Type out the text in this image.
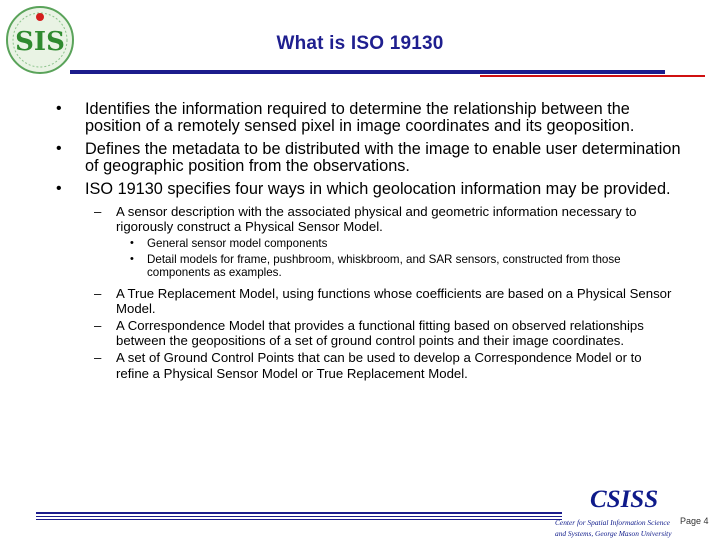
SIS	What is ISO 19130
• Identifies the information required to determine the relationship between the position of a remotely sensed pixel in image coordinates and its geoposition.
• Defines the metadata to be distributed with the image to enable user determination of geographic position from the observations.
• ISO 19130 specifies four ways in which geolocation information may be provided.
– A sensor description with the associated physical and geometric information necessary to rigorously construct a Physical Sensor Model.
• General sensor model components
• Detail models for frame, pushbroom, whiskbroom, and SAR sensors, constructed from those components as examples.
– A True Replacement Model, using functions whose coefficients are based on a Physical Sensor Model.
– A Correspondence Model that provides a functional fitting based on observed relationships between the geopositions of a set of ground control points and their image coordinates.
– A set of Ground Control Points that can be used to develop a Correspondence Model or to refine a Physical Sensor Model or True Replacement Model.
CSISS
Center for Spatial Information Science
and Systems, George Mason University
Page 4
